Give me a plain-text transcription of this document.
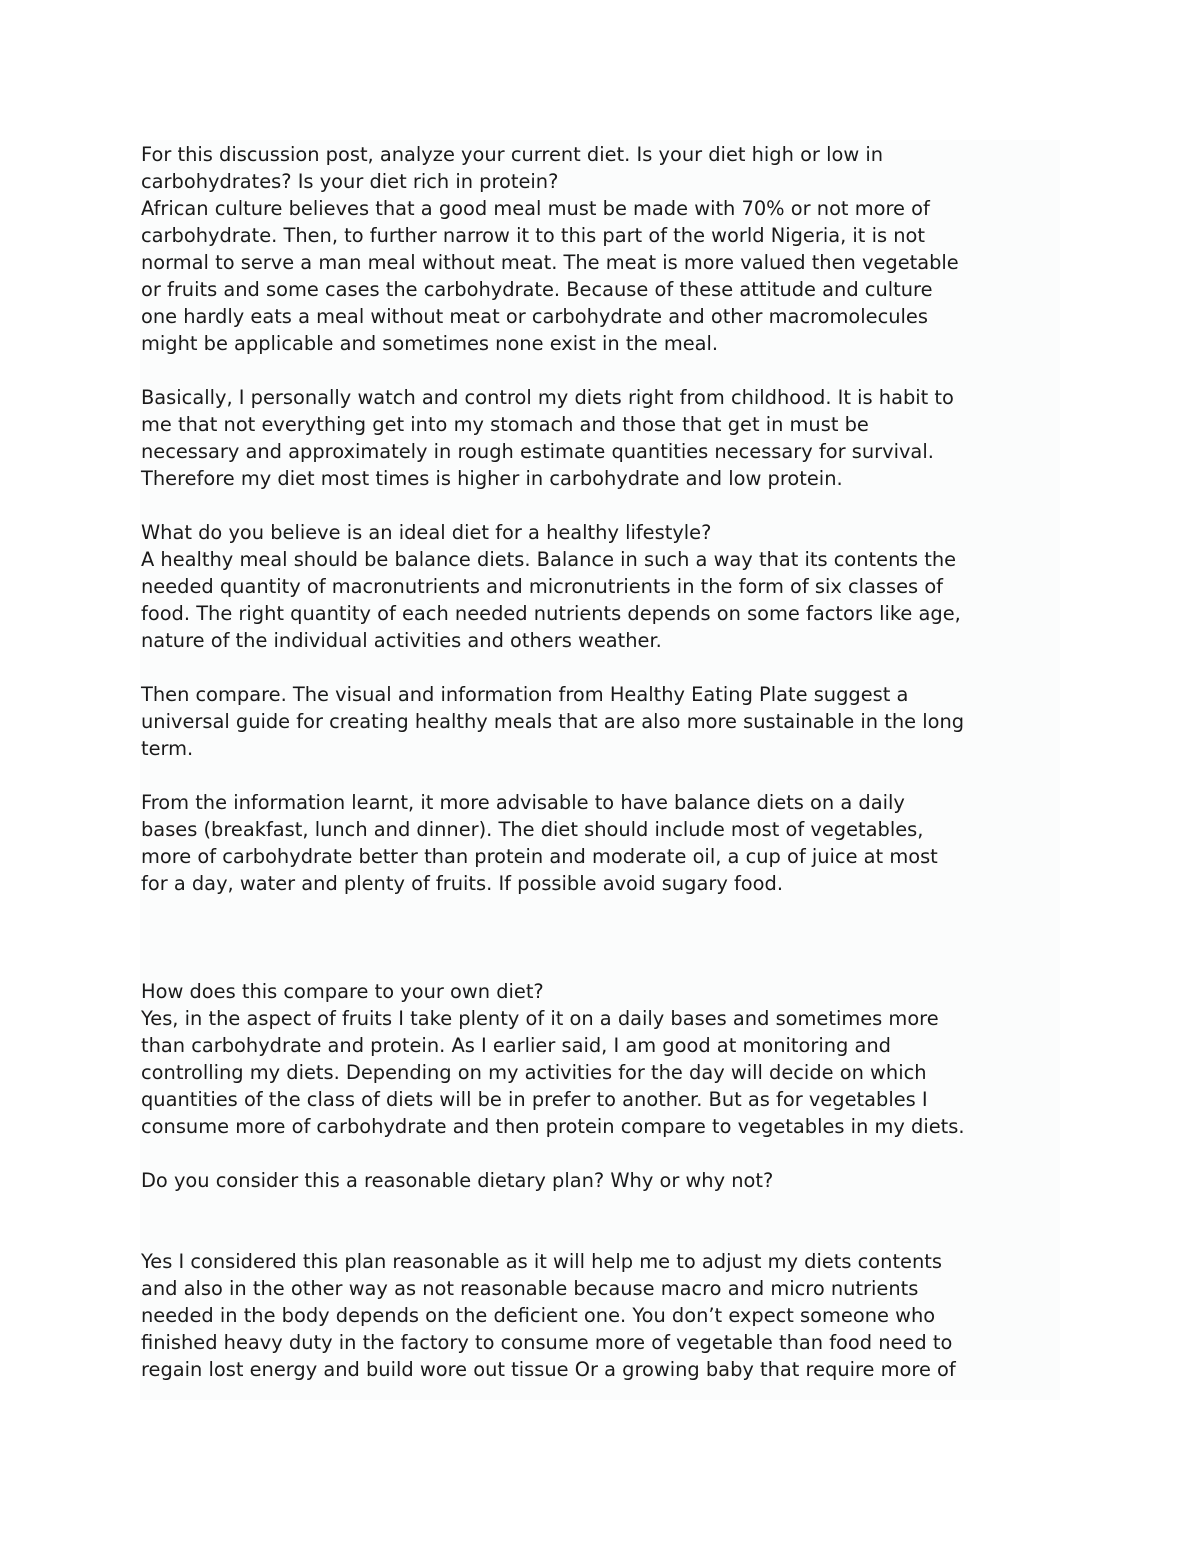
For this discussion post, analyze your current diet. Is your diet high or low in
carbohydrates? Is your diet rich in protein?
African culture believes that a good meal must be made with 70% or not more of
carbohydrate. Then, to further narrow it to this part of the world Nigeria, it is not
normal to serve a man meal without meat. The meat is more valued then vegetable
or fruits and some cases the carbohydrate. Because of these attitude and culture
one hardly eats a meal without meat or carbohydrate and other macromolecules
might be applicable and sometimes none exist in the meal.
Basically, I personally watch and control my diets right from childhood. It is habit to
me that not everything get into my stomach and those that get in must be
necessary and approximately in rough estimate quantities necessary for survival.
Therefore my diet most times is higher in carbohydrate and low protein.
What do you believe is an ideal diet for a healthy lifestyle?
A healthy meal should be balance diets. Balance in such a way that its contents the
needed quantity of macronutrients and micronutrients in the form of six classes of
food. The right quantity of each needed nutrients depends on some factors like age,
nature of the individual activities and others weather.
Then compare. The visual and information from Healthy Eating Plate suggest a
universal guide for creating healthy meals that are also more sustainable in the long
term.
From the information learnt, it more advisable to have balance diets on a daily
bases (breakfast, lunch and dinner). The diet should include most of vegetables,
more of carbohydrate better than protein and moderate oil, a cup of juice at most
for a day, water and plenty of fruits. If possible avoid sugary food.
How does this compare to your own diet?
Yes, in the aspect of fruits I take plenty of it on a daily bases and sometimes more
than carbohydrate and protein. As I earlier said, I am good at monitoring and
controlling my diets. Depending on my activities for the day will decide on which
quantities of the class of diets will be in prefer to another. But as for vegetables I
consume more of carbohydrate and then protein compare to vegetables in my diets.
Do you consider this a reasonable dietary plan? Why or why not?
Yes I considered this plan reasonable as it will help me to adjust my diets contents
and also in the other way as not reasonable because macro and micro nutrients
needed in the body depends on the deficient one. You don’t expect someone who
finished heavy duty in the factory to consume more of vegetable than food need to
regain lost energy and build wore out tissue Or a growing baby that require more of
